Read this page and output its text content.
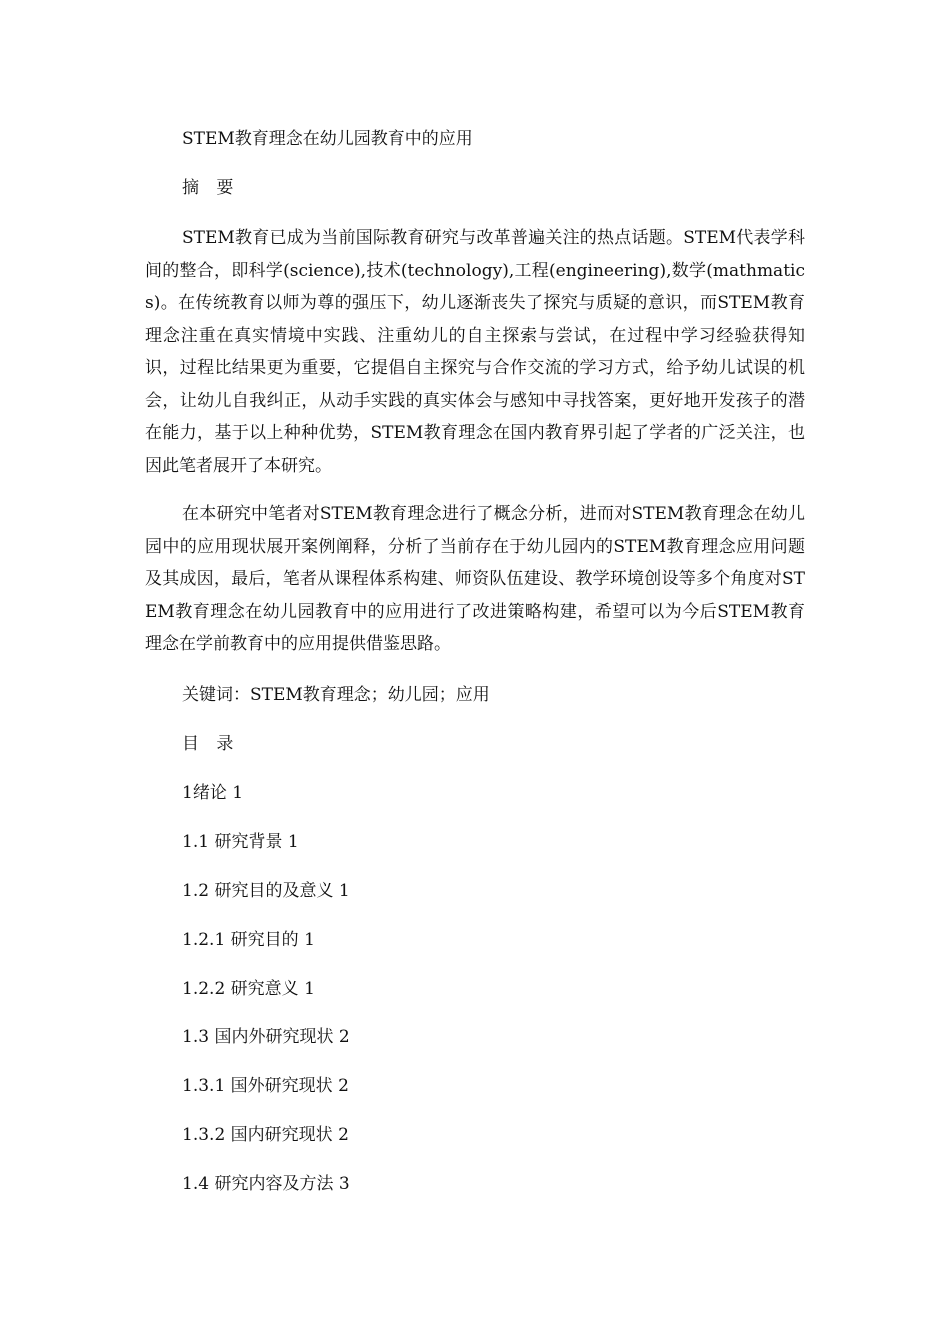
STEM教育理念在幼儿园教育中的应用
摘 要
STEM教育已成为当前国际教育研究与改革普遍关注的热点话题。STEM代表学科间的整合，即科学(science),技术(technology),工程(engineering),数学(mathmatics)。在传统教育以师为尊的强压下，幼儿逐渐丧失了探究与质疑的意识，而STEM教育理念注重在真实情境中实践、注重幼儿的自主探索与尝试，在过程中学习经验获得知识，过程比结果更为重要，它提倡自主探究与合作交流的学习方式，给予幼儿试误的机会，让幼儿自我纠正，从动手实践的真实体会与感知中寻找答案，更好地开发孩子的潜在能力，基于以上种种优势，STEM教育理念在国内教育界引起了学者的广泛关注，也因此笔者展开了本研究。
在本研究中笔者对STEM教育理念进行了概念分析，进而对STEM教育理念在幼儿园中的应用现状展开案例阐释，分析了当前存在于幼儿园内的STEM教育理念应用问题及其成因，最后，笔者从课程体系构建、师资队伍建设、教学环境创设等多个角度对STEM教育理念在幼儿园教育中的应用进行了改进策略构建，希望可以为今后STEM教育理念在学前教育中的应用提供借鉴思路。
关键词：STEM教育理念；幼儿园；应用
目 录
1绪论 1
1.1 研究背景 1
1.2 研究目的及意义 1
1.2.1 研究目的 1
1.2.2 研究意义 1
1.3 国内外研究现状 2
1.3.1 国外研究现状 2
1.3.2 国内研究现状 2
1.4 研究内容及方法 3
